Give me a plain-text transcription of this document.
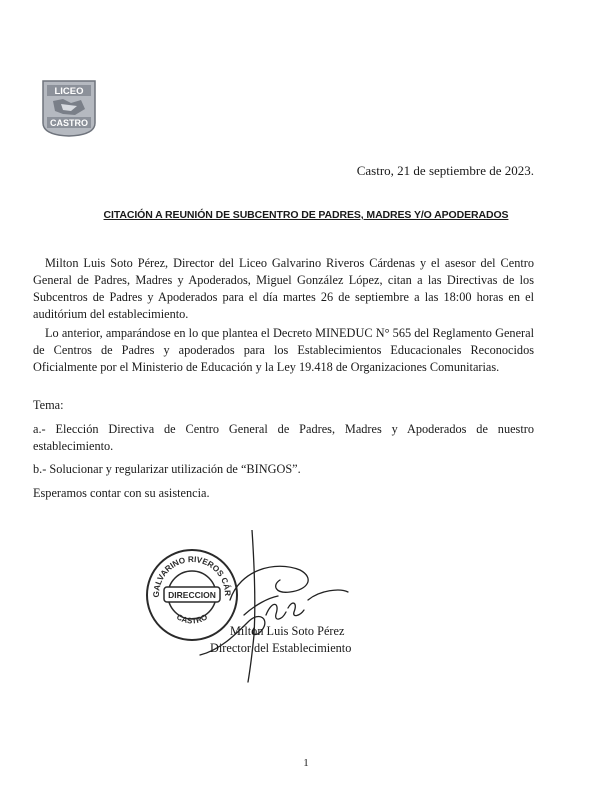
LICEO
CASTRO
Castro, 21 de septiembre de 2023.
CITACIÓN A REUNIÓN DE SUBCENTRO DE PADRES, MADRES Y/O APODERADOS

Milton Luis Soto Pérez, Director del Liceo Galvarino Riveros Cárdenas y el asesor del Centro General de Padres, Madres y Apoderados, Miguel González López, citan a las Directivas de los Subcentros de Padres y Apoderados para el día martes 26 de septiembre a las 18:00 horas en el auditórium del establecimiento.

Lo anterior, amparándose en lo que plantea el Decreto MINEDUC N° 565 del Reglamento General de Centros de Padres y apoderados para los Establecimientos Educacionales Reconocidos Oficialmente por el Ministerio de Educación y la Ley 19.418 de Organizaciones Comunitarias.

Tema:

a.- Elección Directiva de Centro General de Padres, Madres y Apoderados de nuestro establecimiento.

b.- Solucionar y regularizar utilización de “BINGOS”.
Esperamos contar con su asistencia.
GALVARINO RIVEROS CÁR
DIRECCION
CASTRO
Milton Luis Soto Pérez
Director del Establecimiento
1
